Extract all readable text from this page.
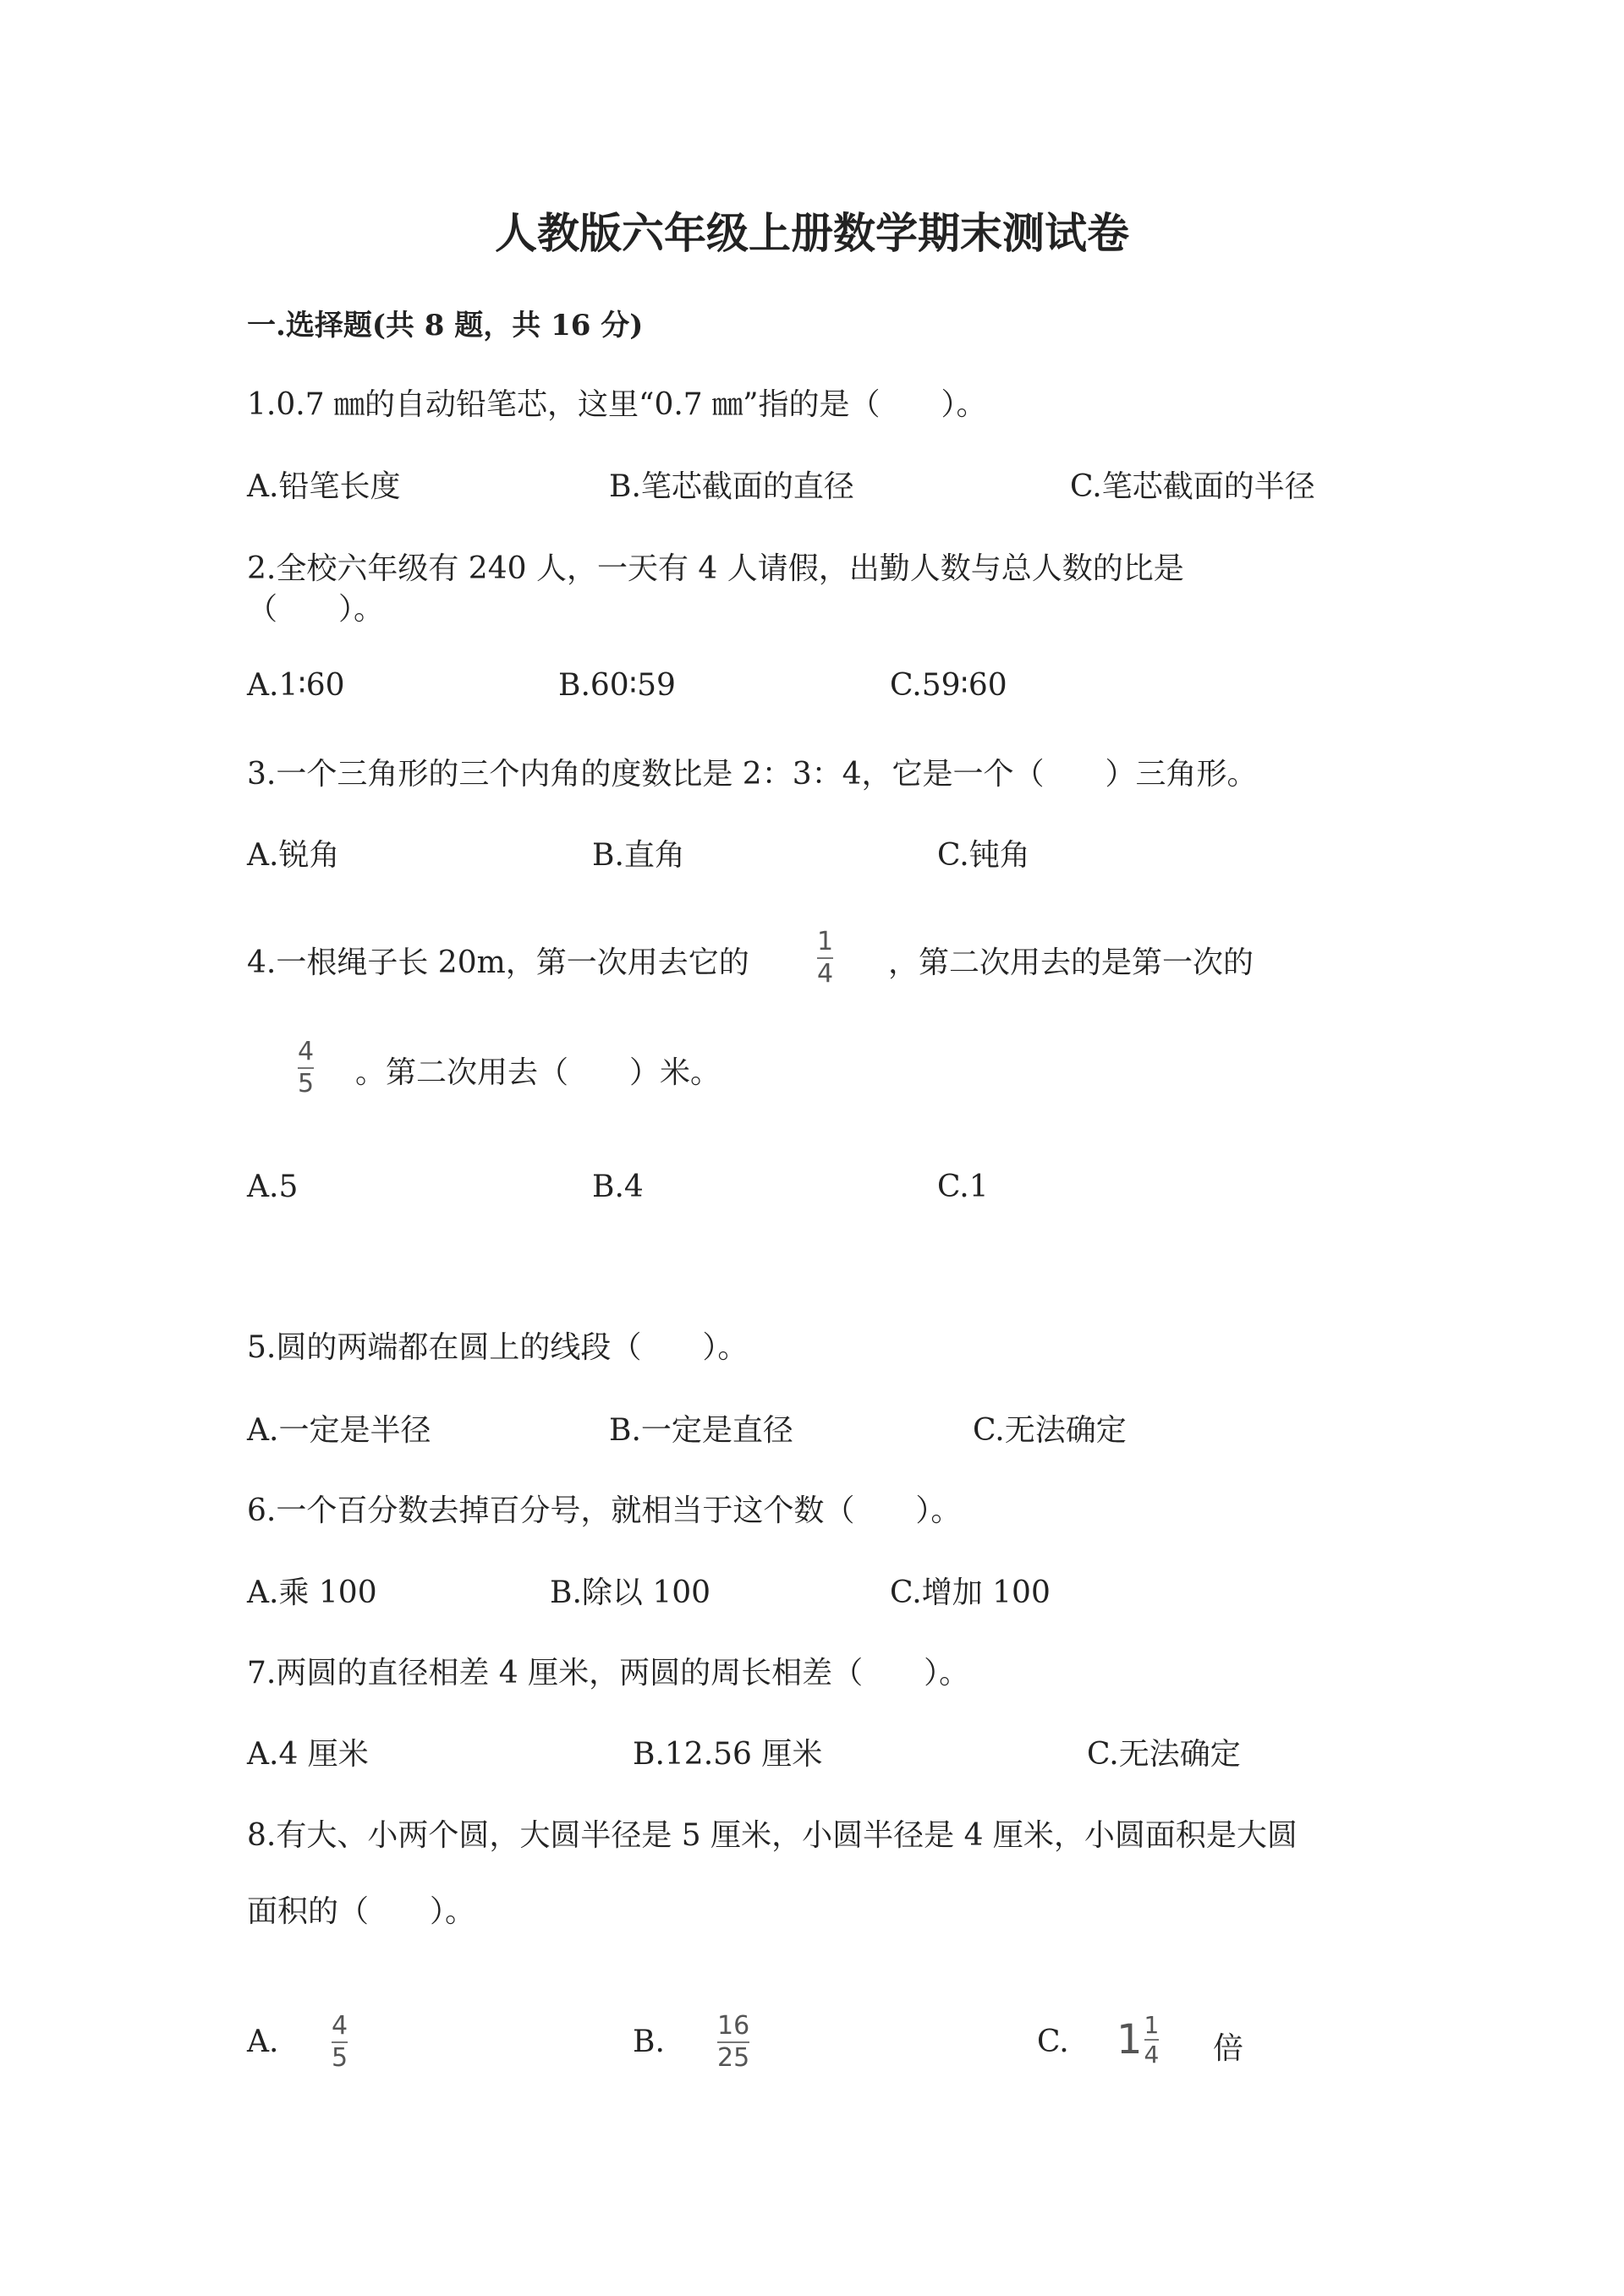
人教版六年级上册数学期末测试卷
一.选择题(共 8 题，共 16 分)
1.0.7 ㎜的自动铅笔芯，这里“0.7 ㎜”指的是（　　）。
A.铅笔长度	B.笔芯截面的直径	C.笔芯截面的半径
2.全校六年级有 240 人，一天有 4 人请假，出勤人数与总人数的比是
（　　）。
A.1∶60	B.60∶59	C.59∶60
3.一个三角形的三个内角的度数比是 2：3：4，它是一个（　　）三角形。
A.锐角	B.直角	C.钝角
4.一根绳子长 20m，第一次用去它的
1
4 ，第二次用去的是第一次的
4
5 。第二次用去（　　）米。
A.5	B.4	C.1
5.圆的两端都在圆上的线段（　　）。
A.一定是半径	B.一定是直径	C.无法确定
6.一个百分数去掉百分号，就相当于这个数（　　）。
A.乘 100	B.除以 100	C.增加 100
7.两圆的直径相差 4 厘米，两圆的周长相差（　　）。
A.4 厘米	B.12.56 厘米	C.无法确定
8.有大、小两个圆，大圆半径是 5 厘米，小圆半径是 4 厘米，小圆面积是大圆
面积的（　　）。
A. 4
5	B. 16
25	C. $1 \frac{1}{4}$ 倍
